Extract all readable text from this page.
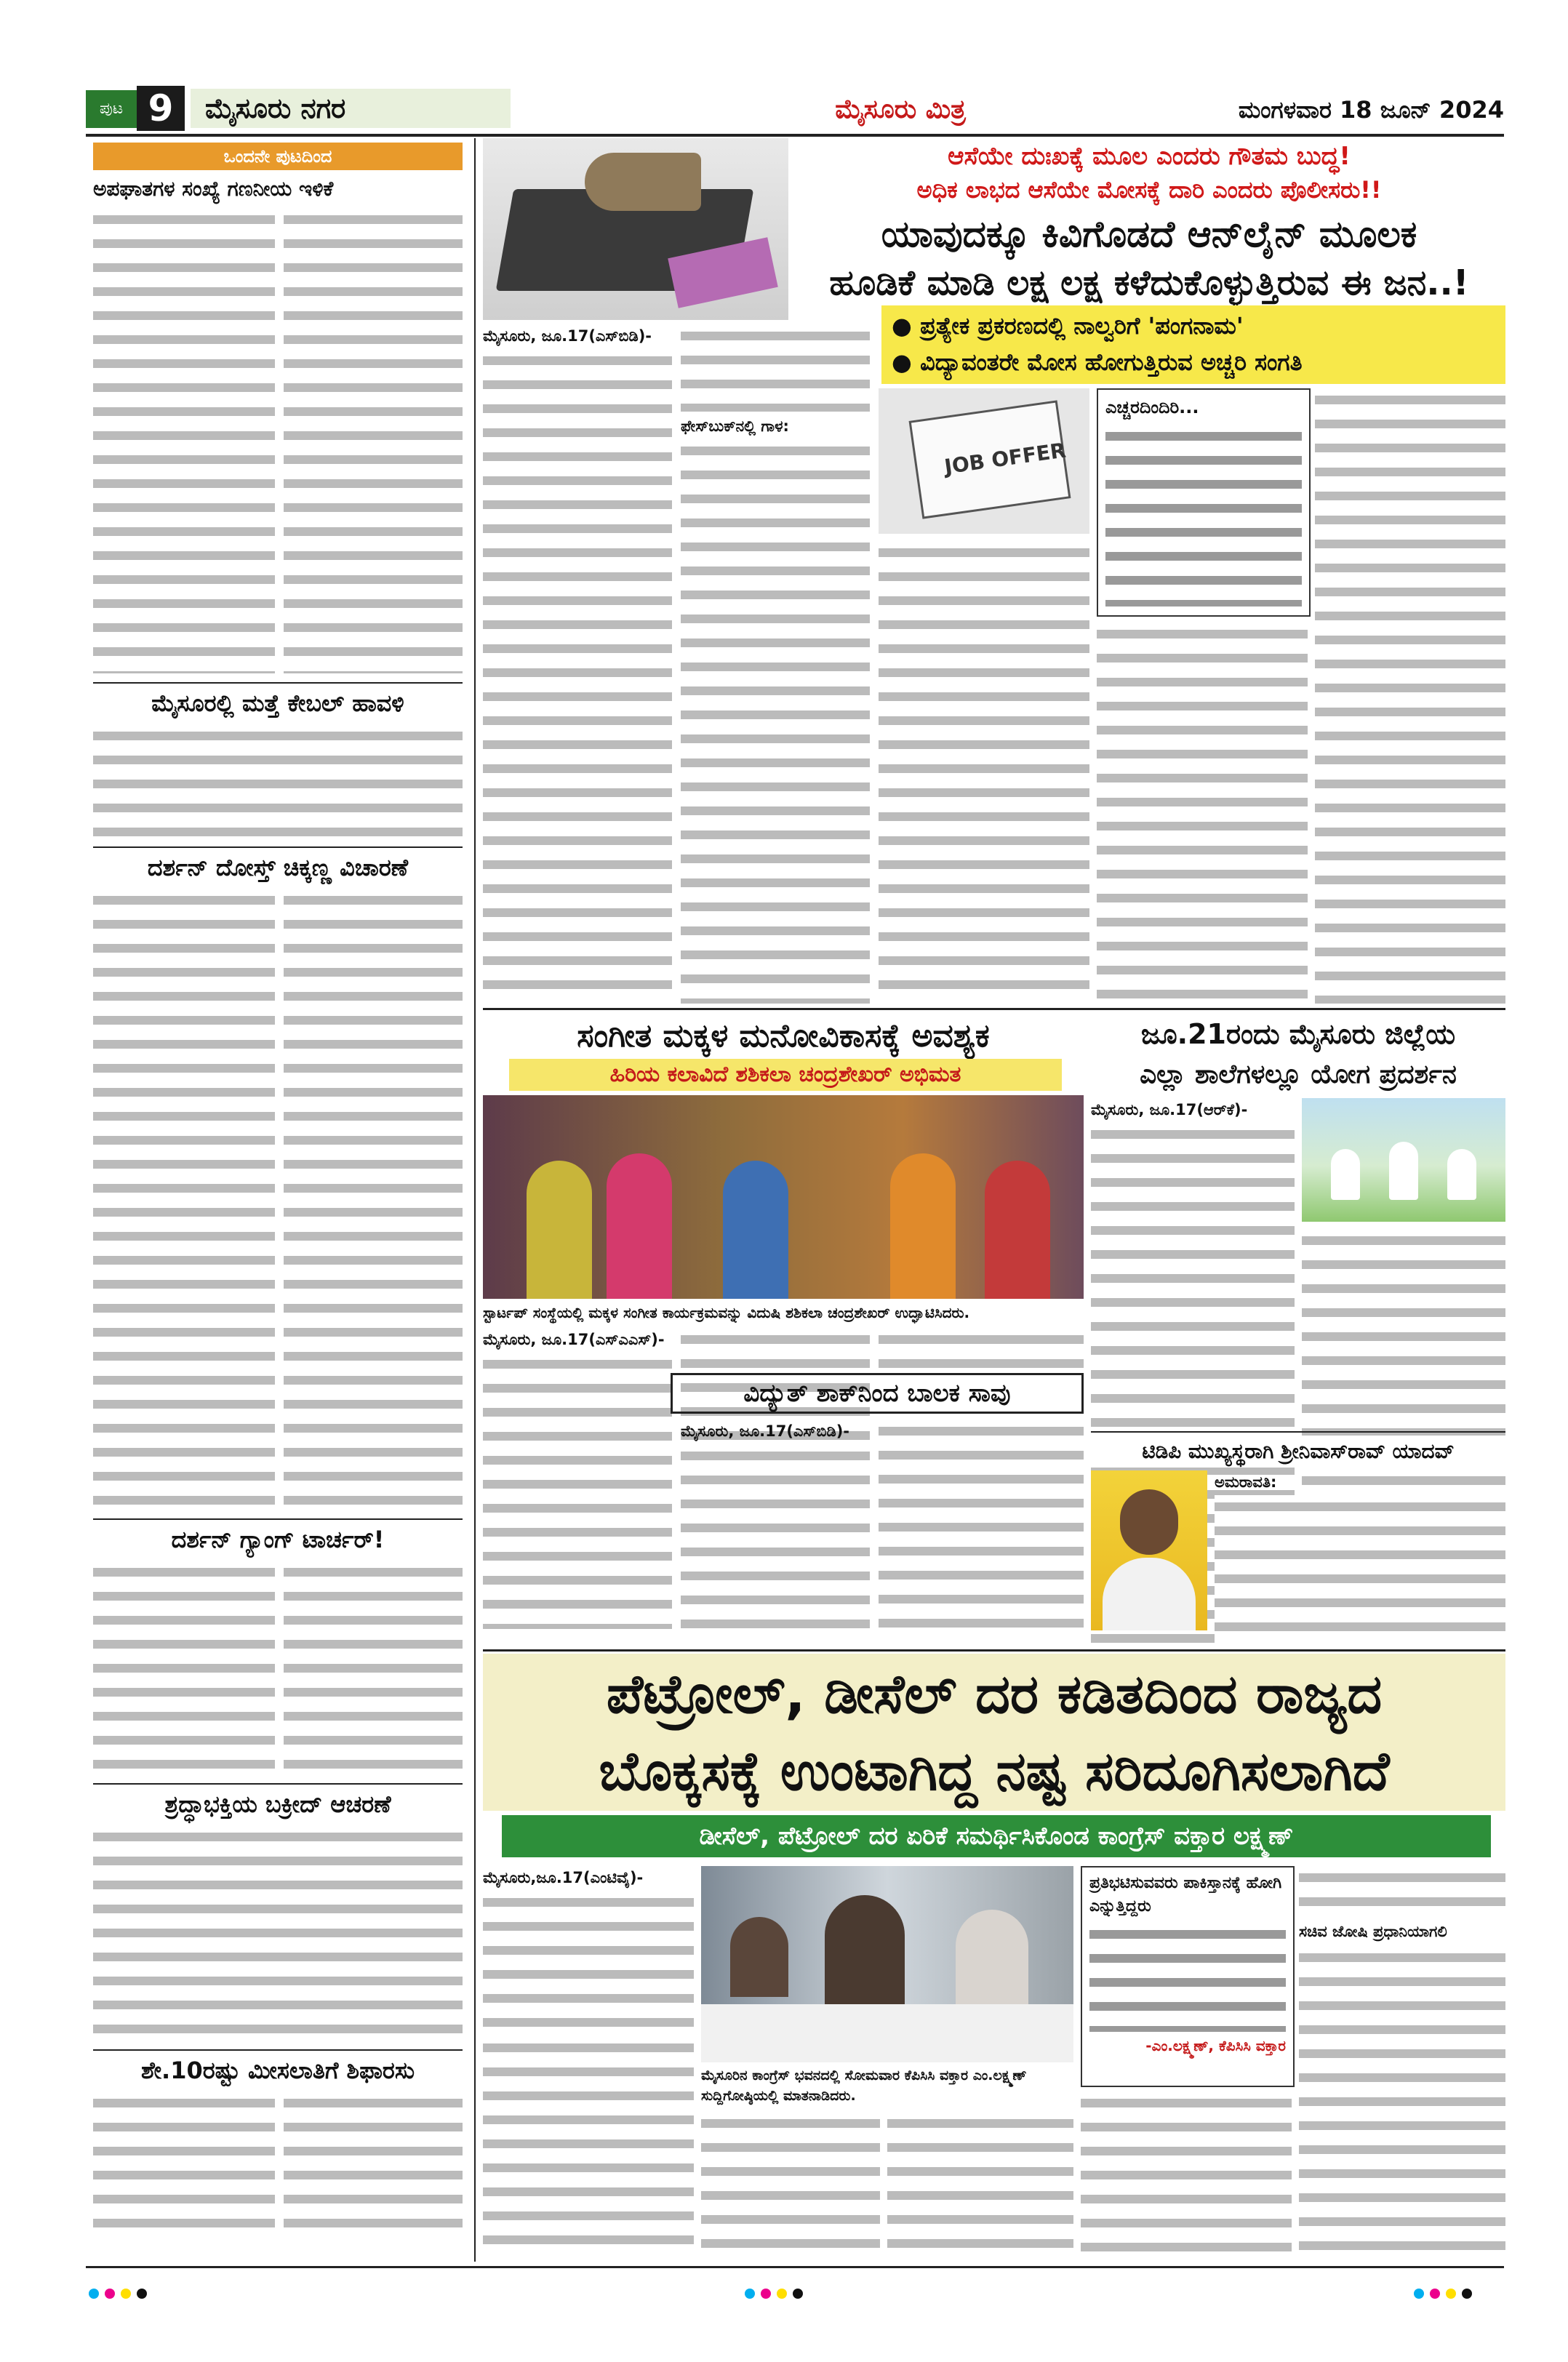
ಪುಟ 9	ಮೈಸೂರು ನಗರ	ಮೈಸೂರು ಮಿತ್ರ	ಮಂಗಳವಾರ 18 ಜೂನ್ 2024
ಒಂದನೇ ಪುಟದಿಂದ
ಅಪಘಾತಗಳ ಸಂಖ್ಯೆ ಗಣನೀಯ ಇಳಿಕೆ
ಮೈಸೂರಲ್ಲಿ ಮತ್ತೆ ಕೇಬಲ್ ಹಾವಳಿ
ದರ್ಶನ್ ದೋಸ್ತ್ ಚಿಕ್ಕಣ್ಣ ವಿಚಾರಣೆ
ದರ್ಶನ್ ಗ್ಯಾಂಗ್ ಟಾರ್ಚರ್!
ಶ್ರದ್ಧಾಭಕ್ತಿಯ ಬಕ್ರೀದ್ ಆಚರಣೆ
ಶೇ.10ರಷ್ಟು ಮೀಸಲಾತಿಗೆ ಶಿಫಾರಸು
ಆಸೆಯೇ ದುಃಖಕ್ಕೆ ಮೂಲ ಎಂದರು ಗೌತಮ ಬುದ್ಧ!
ಅಧಿಕ ಲಾಭದ ಆಸೆಯೇ ಮೋಸಕ್ಕೆ ದಾರಿ ಎಂದರು ಪೊಲೀಸರು!!
ಯಾವುದಕ್ಕೂ ಕಿವಿಗೊಡದೆ ಆನ್‌ಲೈನ್ ಮೂಲಕ
ಹೂಡಿಕೆ ಮಾಡಿ ಲಕ್ಷ ಲಕ್ಷ ಕಳೆದುಕೊಳ್ಳುತ್ತಿರುವ ಈ ಜನ..!
● ಪ್ರತ್ಯೇಕ ಪ್ರಕರಣದಲ್ಲಿ ನಾಲ್ವರಿಗೆ 'ಪಂಗನಾಮ'
● ವಿದ್ಯಾವಂತರೇ ಮೋಸ ಹೋಗುತ್ತಿರುವ ಅಚ್ಚರಿ ಸಂಗತಿ
ಮೈಸೂರು, ಜೂ.17(ಎಸ್‌ಬಿಡಿ)-
ಫೇಸ್‌ಬುಕ್‌ನಲ್ಲಿ ಗಾಳ:
JOB OFFER
ಎಚ್ಚರದಿಂದಿರಿ...
ಸಂಗೀತ ಮಕ್ಕಳ ಮನೋವಿಕಾಸಕ್ಕೆ ಅವಶ್ಯಕ
ಹಿರಿಯ ಕಲಾವಿದೆ ಶಶಿಕಲಾ ಚಂದ್ರಶೇಖರ್ ಅಭಿಮತ
ಸ್ಟಾರ್ಟಪ್ ಸಂಸ್ಥೆಯಲ್ಲಿ ಮಕ್ಕಳ ಸಂಗೀತ ಕಾರ್ಯಕ್ರಮವನ್ನು ವಿದುಷಿ ಶಶಿಕಲಾ ಚಂದ್ರಶೇಖರ್ ಉದ್ಘಾಟಿಸಿದರು.
ಮೈಸೂರು, ಜೂ.17(ಎಸ್‌ಎಎಸ್)-
ವಿದ್ಯುತ್ ಶಾಕ್‌ನಿಂದ ಬಾಲಕ ಸಾವು
ಮೈಸೂರು, ಜೂ.17(ಎಸ್‌ಬಿಡಿ)-
ಜೂ.21ರಂದು ಮೈಸೂರು ಜಿಲ್ಲೆಯ
ಎಲ್ಲಾ ಶಾಲೆಗಳಲ್ಲೂ ಯೋಗ ಪ್ರದರ್ಶನ
ಮೈಸೂರು, ಜೂ.17(ಆರ್‌ಕೆ)-
ಟಿಡಿಪಿ ಮುಖ್ಯಸ್ಥರಾಗಿ ಶ್ರೀನಿವಾಸ್‌ರಾವ್ ಯಾದವ್
ಅಮರಾವತಿ:
ಪೆಟ್ರೋಲ್, ಡೀಸೆಲ್ ದರ ಕಡಿತದಿಂದ ರಾಜ್ಯದ
ಬೊಕ್ಕಸಕ್ಕೆ ಉಂಟಾಗಿದ್ದ ನಷ್ಟ ಸರಿದೂಗಿಸಲಾಗಿದೆ
ಡೀಸೆಲ್, ಪೆಟ್ರೋಲ್ ದರ ಏರಿಕೆ ಸಮರ್ಥಿಸಿಕೊಂಡ ಕಾಂಗ್ರೆಸ್ ವಕ್ತಾರ ಲಕ್ಷ್ಮಣ್
ಮೈಸೂರು,ಜೂ.17(ಎಂಟಿವೈ)-
ಮೈಸೂರಿನ ಕಾಂಗ್ರೆಸ್ ಭವನದಲ್ಲಿ ಸೋಮವಾರ ಕೆಪಿಸಿಸಿ ವಕ್ತಾರ ಎಂ.ಲಕ್ಷ್ಮಣ್ ಸುದ್ದಿಗೋಷ್ಠಿಯಲ್ಲಿ ಮಾತನಾಡಿದರು.
ಪ್ರತಿಭಟಿಸುವವರು ಪಾಕಿಸ್ತಾನಕ್ಕೆ ಹೋಗಿ ಎನ್ನುತ್ತಿದ್ದರು
-ಎಂ.ಲಕ್ಷ್ಮಣ್, ಕೆಪಿಸಿಸಿ ವಕ್ತಾರ
ಸಚಿವ ಜೋಷಿ ಪ್ರಧಾನಿಯಾಗಲಿ
